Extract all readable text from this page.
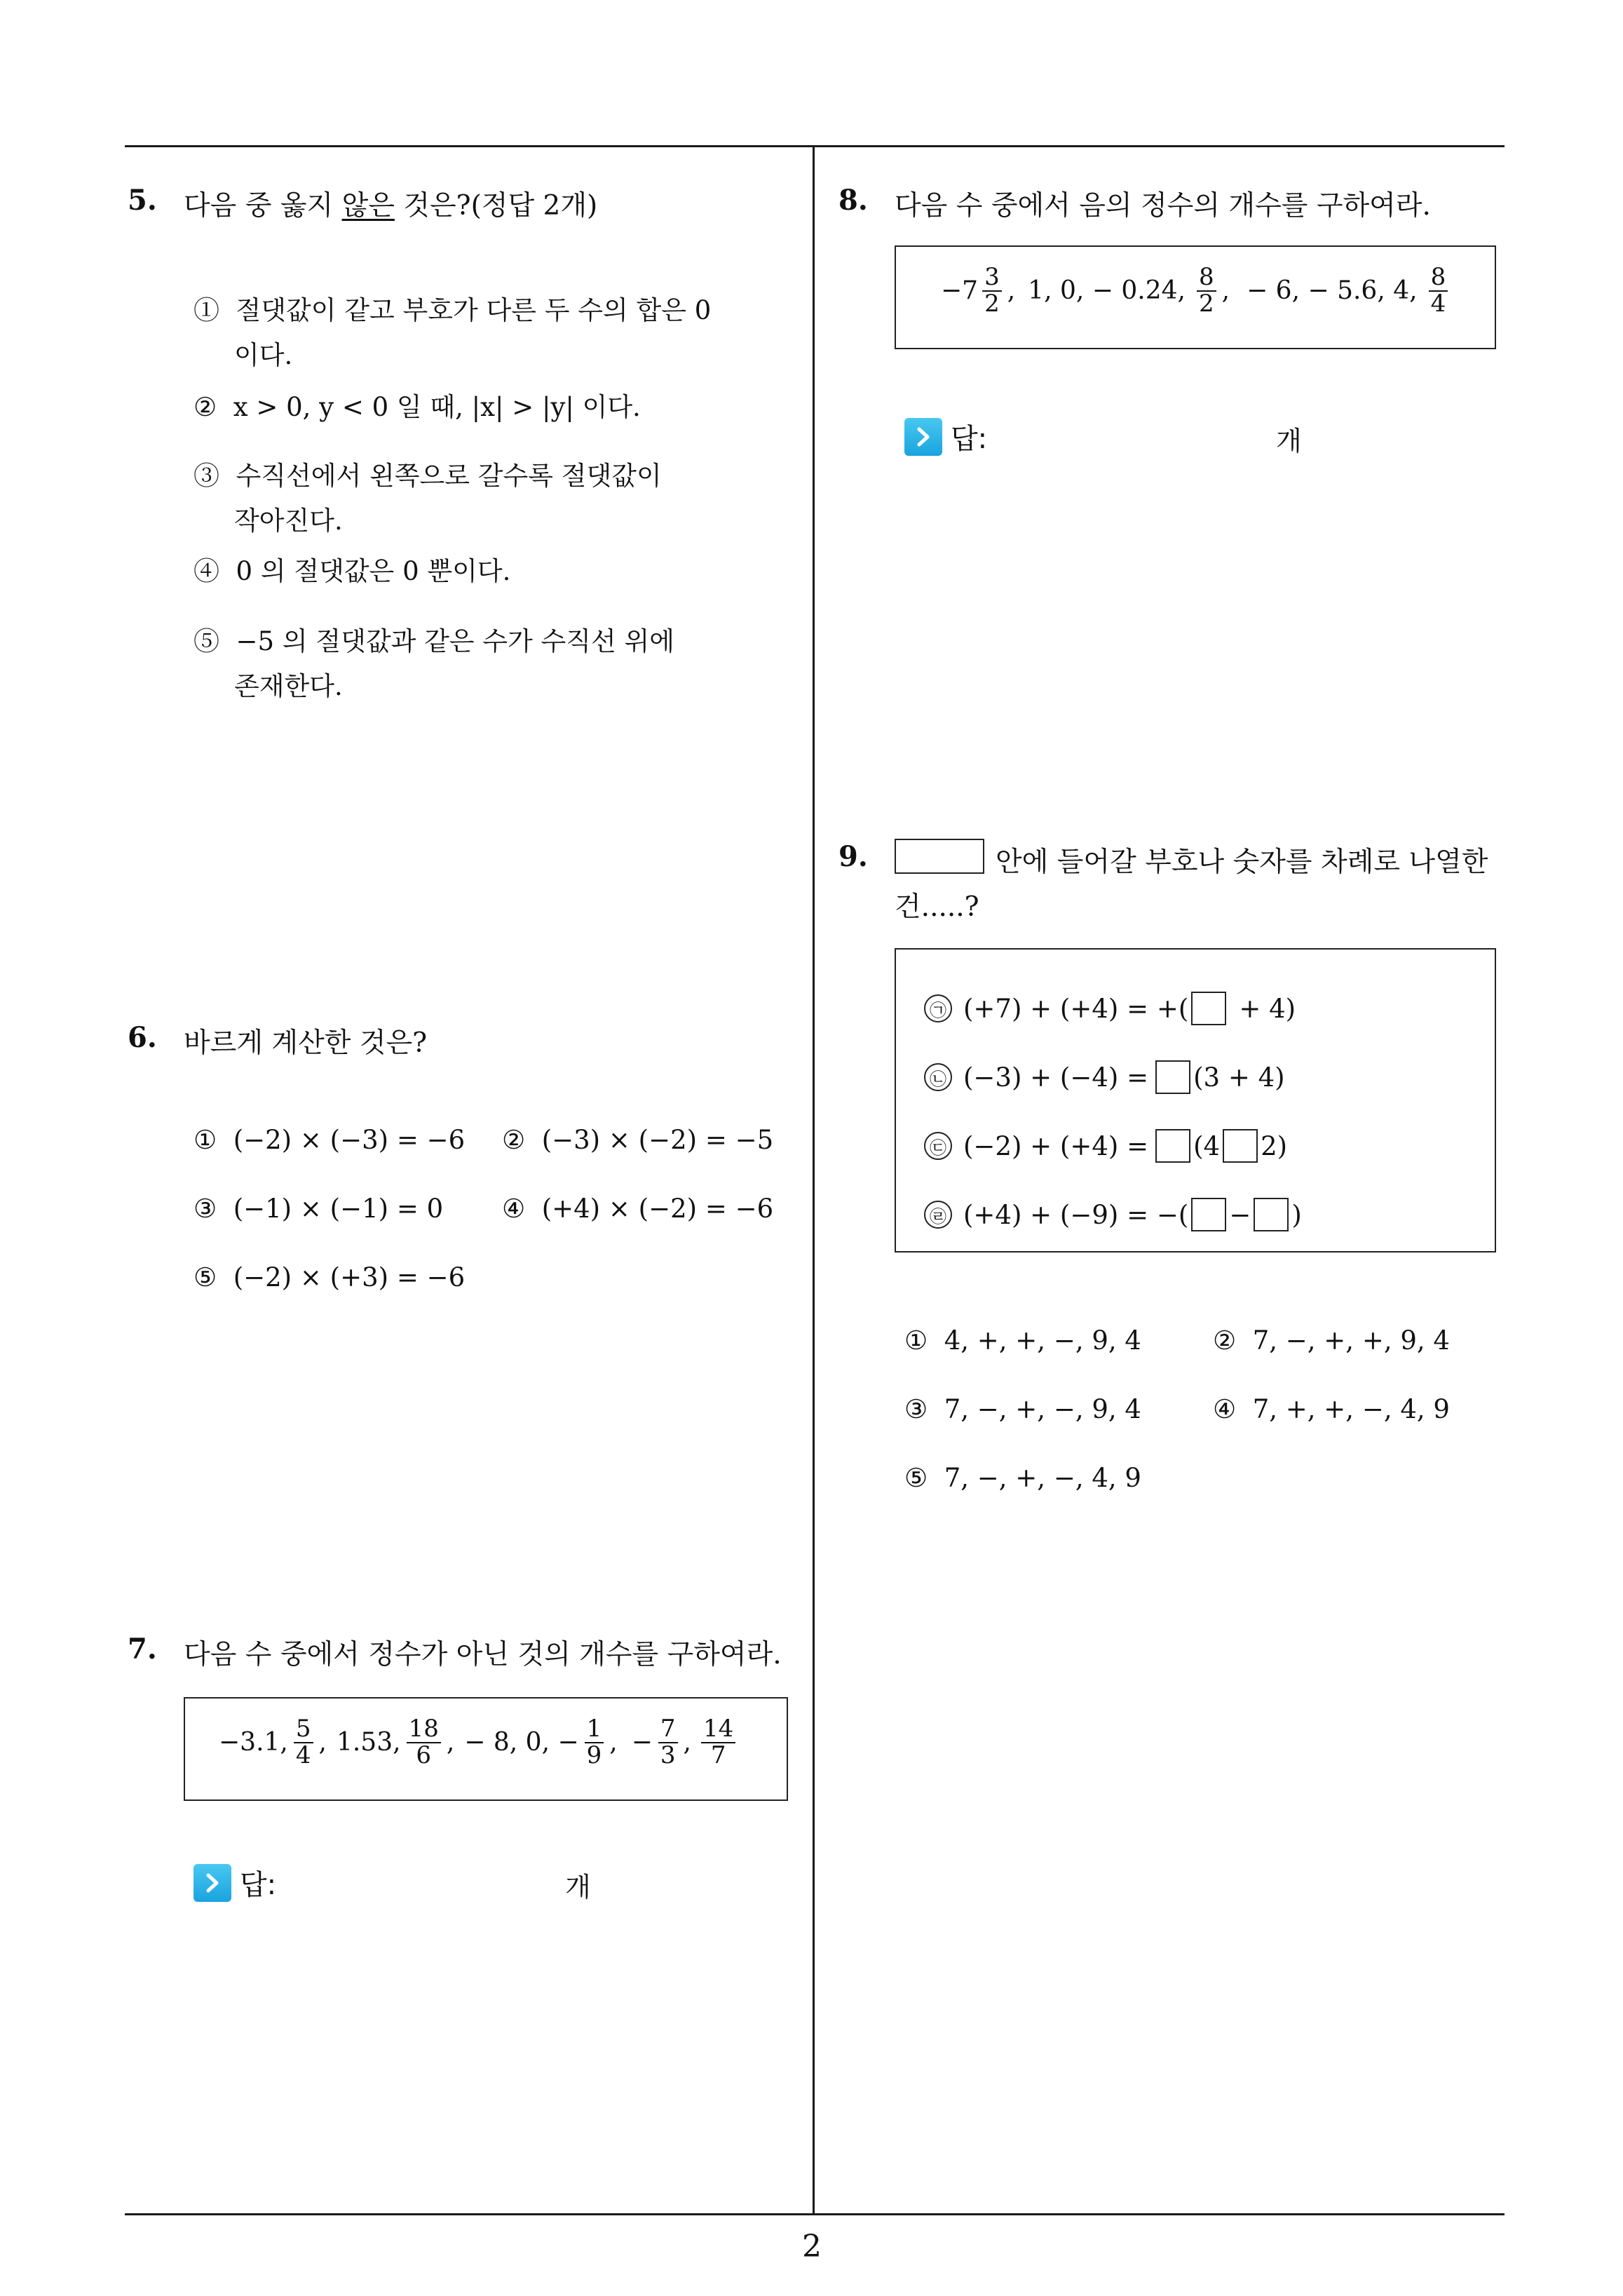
2
5. 다음 중 옳지 않은 것은?(정답 2개)
① 절댓값이 같고 부호가 다른 두 수의 합은 0
이다.
② x > 0, y < 0 일 때, |x| > |y| 이다.
③ 수직선에서 왼쪽으로 갈수록 절댓값이
작아진다.
④ 0 의 절댓값은 0 뿐이다.
⑤ −5 의 절댓값과 같은 수가 수직선 위에
존재한다.
6. 바르게 계산한 것은?
① (−2) × (−3) = −6 ② (−3) × (−2) = −5
③ (−1) × (−1) = 0 ④ (+4) × (−2) = −6
⑤ (−2) × (+3) = −6
7. 다음 수 중에서 정수가 아닌 것의 개수를 구하여라.
−3.1, $\frac{5}{4}$ , 1.53, $\frac{18}{6}$ , − 8, 0, − $\frac{1}{9}$ , − $\frac{7}{3}$ , $\frac{14}{7}$
답:	개
8. 다음 수 중에서 음의 정수의 개수를 구하여라.
$-7 \frac{3}{2}$ , 1, 0, − 0.24, $\frac{8}{2}$ , − 6, − 5.6, 4, $\frac{8}{4}$
답:	개
9.	안에 들어갈 부호나 숫자를 차례로 나열한
건.....?
㉠ (+7) + (+4) = +( + 4)
㉡ (−3) + (−4) = (3 + 4)
㉢ (−2) + (+4) = (4 2)
㉣ (+4) + (−9) = −( − )
① 4, +, +, −, 9, 4	② 7, −, +, +, 9, 4
③ 7, −, +, −, 9, 4	④ 7, +, +, −, 4, 9
⑤ 7, −, +, −, 4, 9
